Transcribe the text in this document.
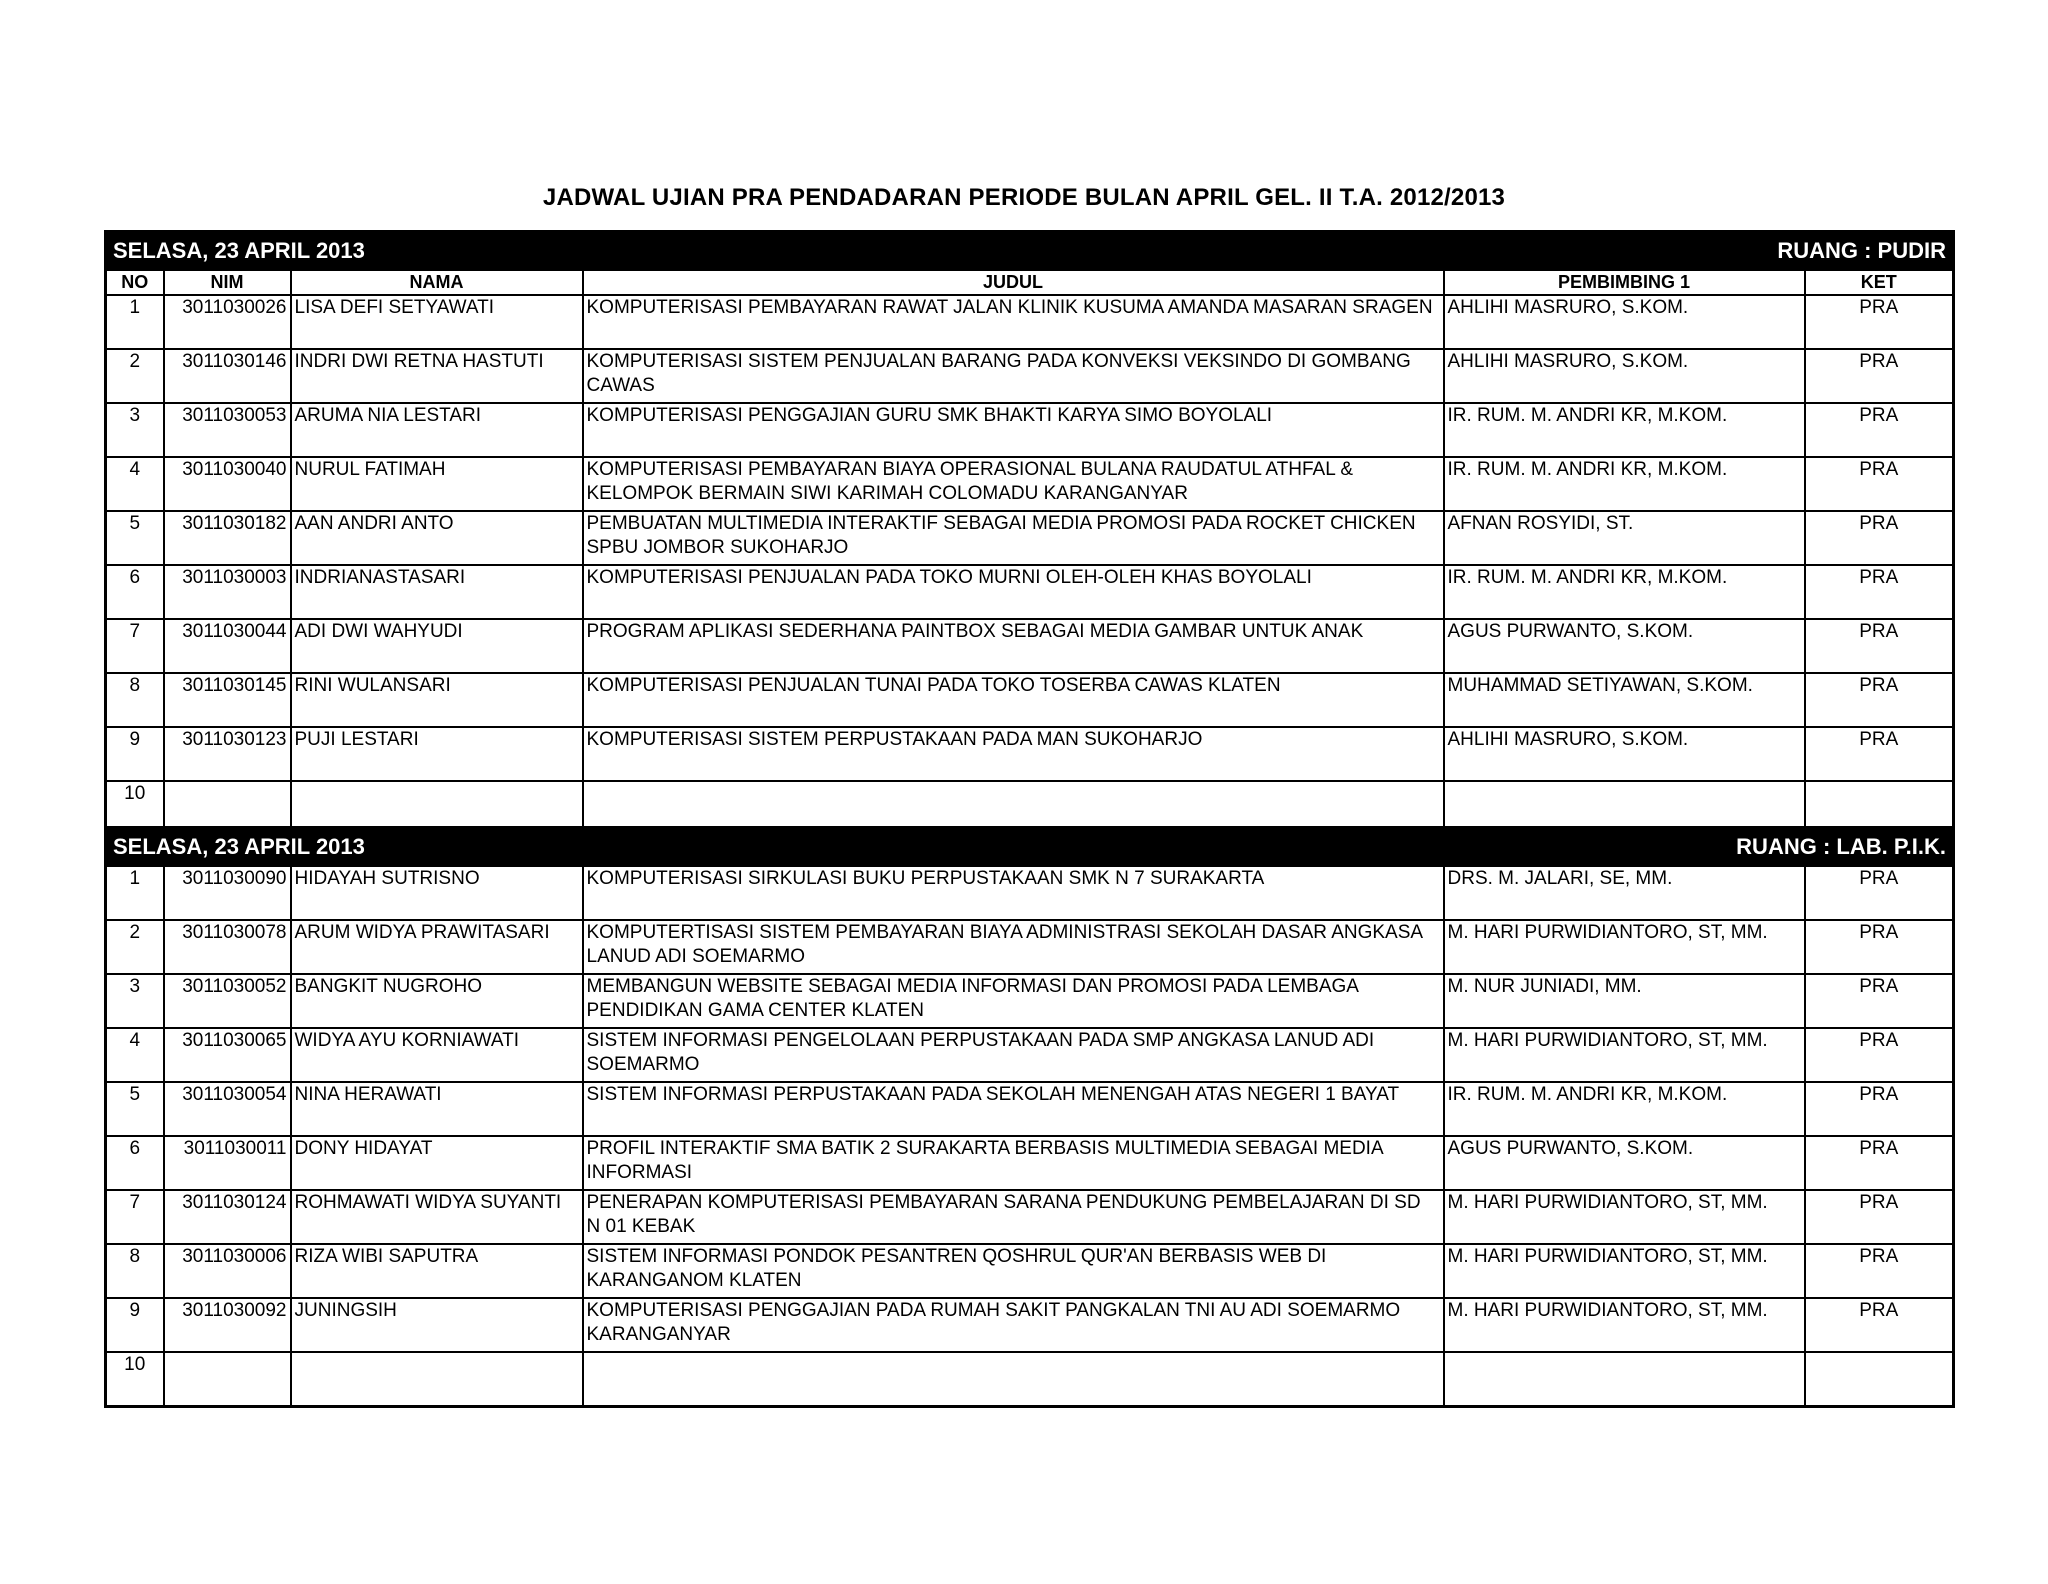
JADWAL UJIAN PRA PENDADARAN PERIODE BULAN APRIL GEL. II T.A. 2012/2013
SELASA, 23 APRIL 2013 RUANG : PUDIR					

NO	NIM	NAMA	JUDUL	PEMBIMBING 1	KET
1	3011030026	LISA DEFI SETYAWATI	KOMPUTERISASI PEMBAYARAN RAWAT JALAN KLINIK KUSUMA AMANDA MASARAN SRAGEN	AHLIHI MASRURO, S.KOM.	PRA
2	3011030146	INDRI DWI RETNA HASTUTI	KOMPUTERISASI SISTEM PENJUALAN BARANG PADA KONVEKSI VEKSINDO DI GOMBANG CAWAS	AHLIHI MASRURO, S.KOM.	PRA
3	3011030053	ARUMA NIA LESTARI	KOMPUTERISASI PENGGAJIAN GURU SMK BHAKTI KARYA SIMO BOYOLALI	IR. RUM. M. ANDRI KR, M.KOM.	PRA
4	3011030040	NURUL FATIMAH	KOMPUTERISASI PEMBAYARAN BIAYA OPERASIONAL BULANA RAUDATUL ATHFAL & KELOMPOK BERMAIN SIWI KARIMAH COLOMADU KARANGANYAR	IR. RUM. M. ANDRI KR, M.KOM.	PRA
5	3011030182	AAN ANDRI ANTO	PEMBUATAN MULTIMEDIA INTERAKTIF SEBAGAI MEDIA PROMOSI PADA ROCKET CHICKEN SPBU JOMBOR SUKOHARJO	AFNAN ROSYIDI, ST.	PRA
6	3011030003	INDRIANASTASARI	KOMPUTERISASI PENJUALAN PADA TOKO MURNI OLEH-OLEH KHAS BOYOLALI	IR. RUM. M. ANDRI KR, M.KOM.	PRA
7	3011030044	ADI DWI WAHYUDI	PROGRAM APLIKASI SEDERHANA PAINTBOX SEBAGAI MEDIA GAMBAR UNTUK ANAK	AGUS PURWANTO, S.KOM.	PRA
8	3011030145	RINI WULANSARI	KOMPUTERISASI PENJUALAN TUNAI PADA TOKO TOSERBA CAWAS KLATEN	MUHAMMAD SETIYAWAN, S.KOM.	PRA
9	3011030123	PUJI LESTARI	KOMPUTERISASI SISTEM PERPUSTAKAAN PADA MAN SUKOHARJO	AHLIHI MASRURO, S.KOM.	PRA
10					
SELASA, 23 APRIL 2013 RUANG : LAB. P.I.K.					

1	3011030090	HIDAYAH SUTRISNO	KOMPUTERISASI SIRKULASI BUKU PERPUSTAKAAN SMK N 7 SURAKARTA	DRS. M. JALARI, SE, MM.	PRA
2	3011030078	ARUM WIDYA PRAWITASARI	KOMPUTERTISASI SISTEM PEMBAYARAN BIAYA ADMINISTRASI SEKOLAH DASAR ANGKASA LANUD ADI SOEMARMO	M. HARI PURWIDIANTORO, ST, MM.	PRA
3	3011030052	BANGKIT NUGROHO	MEMBANGUN WEBSITE SEBAGAI MEDIA INFORMASI DAN PROMOSI PADA LEMBAGA PENDIDIKAN GAMA CENTER KLATEN	M. NUR JUNIADI, MM.	PRA
4	3011030065	WIDYA AYU KORNIAWATI	SISTEM INFORMASI PENGELOLAAN PERPUSTAKAAN PADA SMP ANGKASA LANUD ADI SOEMARMO	M. HARI PURWIDIANTORO, ST, MM.	PRA
5	3011030054	NINA HERAWATI	SISTEM INFORMASI PERPUSTAKAAN PADA SEKOLAH MENENGAH ATAS NEGERI 1 BAYAT	IR. RUM. M. ANDRI KR, M.KOM.	PRA
6	3011030011	DONY HIDAYAT	PROFIL INTERAKTIF SMA BATIK 2 SURAKARTA BERBASIS MULTIMEDIA SEBAGAI MEDIA INFORMASI	AGUS PURWANTO, S.KOM.	PRA
7	3011030124	ROHMAWATI WIDYA SUYANTI	PENERAPAN KOMPUTERISASI PEMBAYARAN SARANA PENDUKUNG PEMBELAJARAN DI SD N 01 KEBAK	M. HARI PURWIDIANTORO, ST, MM.	PRA
8	3011030006	RIZA WIBI SAPUTRA	SISTEM INFORMASI PONDOK PESANTREN QOSHRUL QUR'AN BERBASIS WEB DI KARANGANOM KLATEN	M. HARI PURWIDIANTORO, ST, MM.	PRA
9	3011030092	JUNINGSIH	KOMPUTERISASI PENGGAJIAN PADA RUMAH SAKIT PANGKALAN TNI AU ADI SOEMARMO KARANGANYAR	M. HARI PURWIDIANTORO, ST, MM.	PRA
10					
